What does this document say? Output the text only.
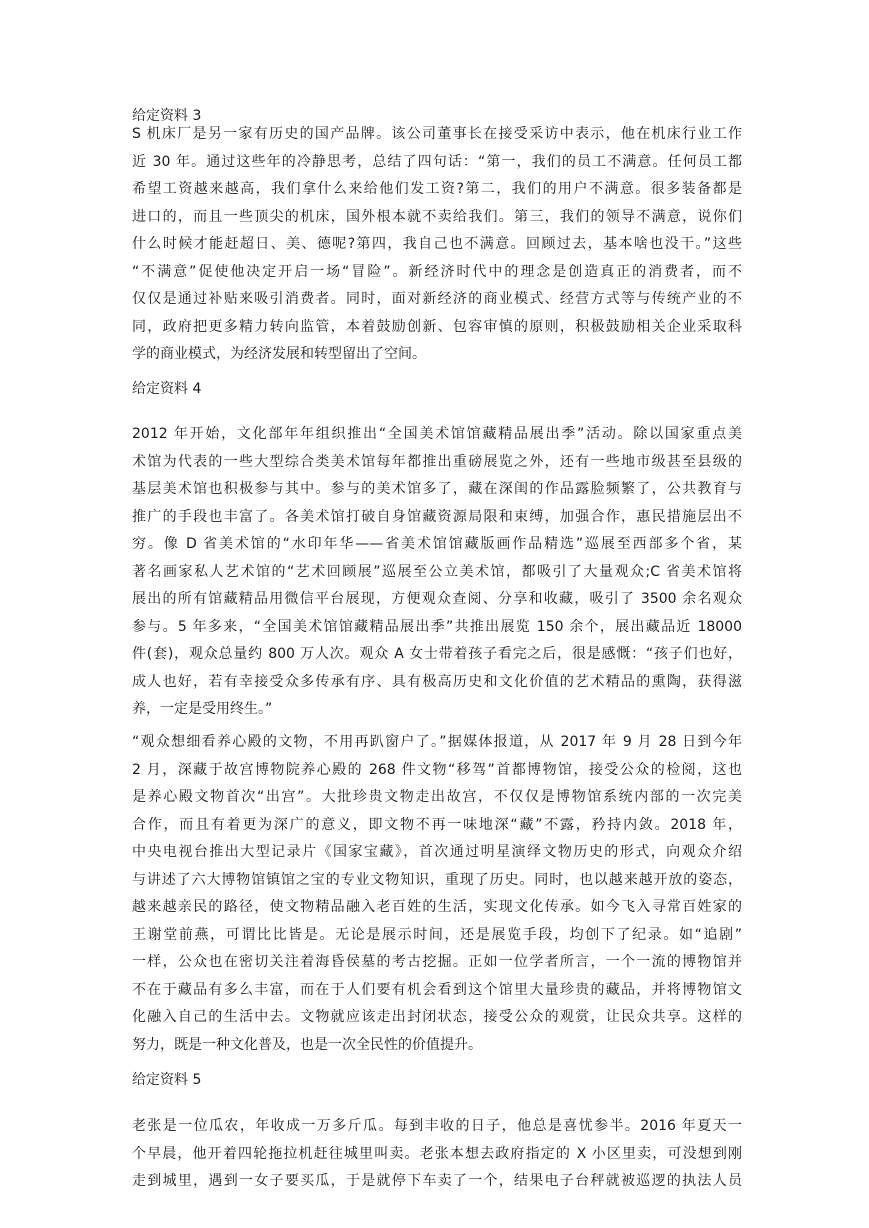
给定资料 3
S 机床厂是另一家有历史的国产品牌。该公司董事长在接受采访中表示，他在机床行业工作
近 30 年。通过这些年的冷静思考，总结了四句话：“第一，我们的员工不满意。任何员工都
希望工资越来越高，我们拿什么来给他们发工资?第二，我们的用户不满意。很多装备都是
进口的，而且一些顶尖的机床，国外根本就不卖给我们。第三，我们的领导不满意，说你们
什么时候才能赶超日、美、德呢?第四，我自己也不满意。回顾过去，基本啥也没干。”这些
“不满意”促使他决定开启一场“冒险”。新经济时代中的理念是创造真正的消费者，而不
仅仅是通过补贴来吸引消费者。同时，面对新经济的商业模式、经营方式等与传统产业的不
同，政府把更多精力转向监管，本着鼓励创新、包容审慎的原则，积极鼓励相关企业采取科
学的商业模式，为经济发展和转型留出了空间。
给定资料 4
2012 年开始，文化部年年组织推出“全国美术馆馆藏精品展出季”活动。除以国家重点美
术馆为代表的一些大型综合类美术馆每年都推出重磅展览之外，还有一些地市级甚至县级的
基层美术馆也积极参与其中。参与的美术馆多了，藏在深闺的作品露脸频繁了，公共教育与
推广的手段也丰富了。各美术馆打破自身馆藏资源局限和束缚，加强合作，惠民措施层出不
穷。像 D 省美术馆的“水印年华——省美术馆馆藏版画作品精选”巡展至西部多个省，某
著名画家私人艺术馆的“艺术回顾展”巡展至公立美术馆，都吸引了大量观众;C 省美术馆将
展出的所有馆藏精品用微信平台展现，方便观众查阅、分享和收藏，吸引了 3500 余名观众
参与。5 年多来，“全国美术馆馆藏精品展出季”共推出展览 150 余个，展出藏品近 18000
件(套)，观众总量约 800 万人次。观众 A 女士带着孩子看完之后，很是感慨：“孩子们也好，
成人也好，若有幸接受众多传承有序、具有极高历史和文化价值的艺术精品的熏陶，获得滋
养，一定是受用终生。”
“观众想细看养心殿的文物，不用再趴窗户了。”据媒体报道，从 2017 年 9 月 28 日到今年
2 月，深藏于故宫博物院养心殿的 268 件文物“移驾”首都博物馆，接受公众的检阅，这也
是养心殿文物首次“出宫”。大批珍贵文物走出故宫，不仅仅是博物馆系统内部的一次完美
合作，而且有着更为深广的意义，即文物不再一味地深“藏”不露，矜持内敛。2018 年，
中央电视台推出大型记录片《国家宝藏》，首次通过明星演绎文物历史的形式，向观众介绍
与讲述了六大博物馆镇馆之宝的专业文物知识，重现了历史。同时，也以越来越开放的姿态，
越来越亲民的路径，使文物精品融入老百姓的生活，实现文化传承。如今飞入寻常百姓家的
王谢堂前燕，可谓比比皆是。无论是展示时间，还是展览手段，均创下了纪录。如“追剧”
一样，公众也在密切关注着海昏侯墓的考古挖掘。正如一位学者所言，一个一流的博物馆并
不在于藏品有多么丰富，而在于人们要有机会看到这个馆里大量珍贵的藏品，并将博物馆文
化融入自己的生活中去。文物就应该走出封闭状态，接受公众的观赏，让民众共享。这样的
努力，既是一种文化普及，也是一次全民性的价值提升。
给定资料 5
老张是一位瓜农，年收成一万多斤瓜。每到丰收的日子，他总是喜忧参半。2016 年夏天一
个早晨，他开着四轮拖拉机赶往城里叫卖。老张本想去政府指定的 X 小区里卖，可没想到刚
走到城里，遇到一女子要买瓜，于是就停下车卖了一个，结果电子台秤就被巡逻的执法人员
